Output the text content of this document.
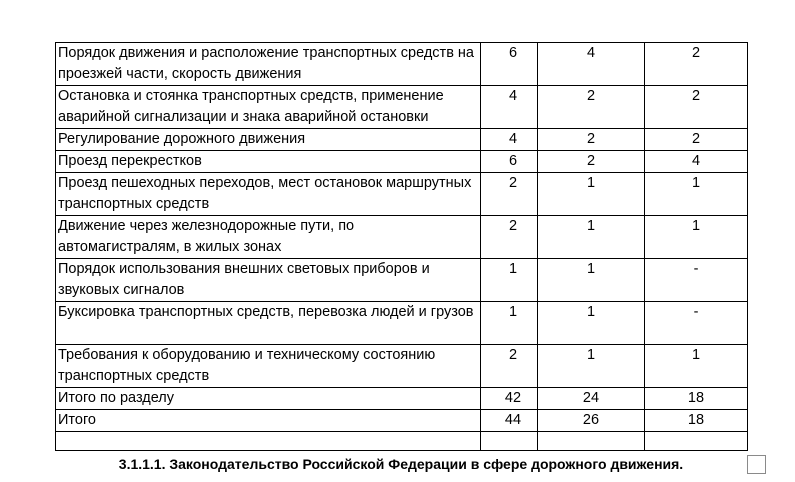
Порядок движения и расположение транспортных средств на проезжей части, скорость движения	6	4	2
Остановка и стоянка транспортных средств, применение аварийной сигнализации и знака аварийной остановки	4	2	2
Регулирование дорожного движения	4	2	2
Проезд перекрестков	6	2	4
Проезд пешеходных переходов, мест остановок маршрутных транспортных средств	2	1	1
Движение через железнодорожные пути, по автомагистралям, в жилых зонах	2	1	1
Порядок использования внешних световых приборов и звуковых сигналов	1	1	-
Буксировка транспортных средств, перевозка людей и грузов	1	1	-
Требования к оборудованию и техническому состоянию транспортных средств	2	1	1
Итого по разделу	42	24	18
Итого	44	26	18

3.1.1.1. Законодательство Российской Федерации в сфере дорожного движения.
